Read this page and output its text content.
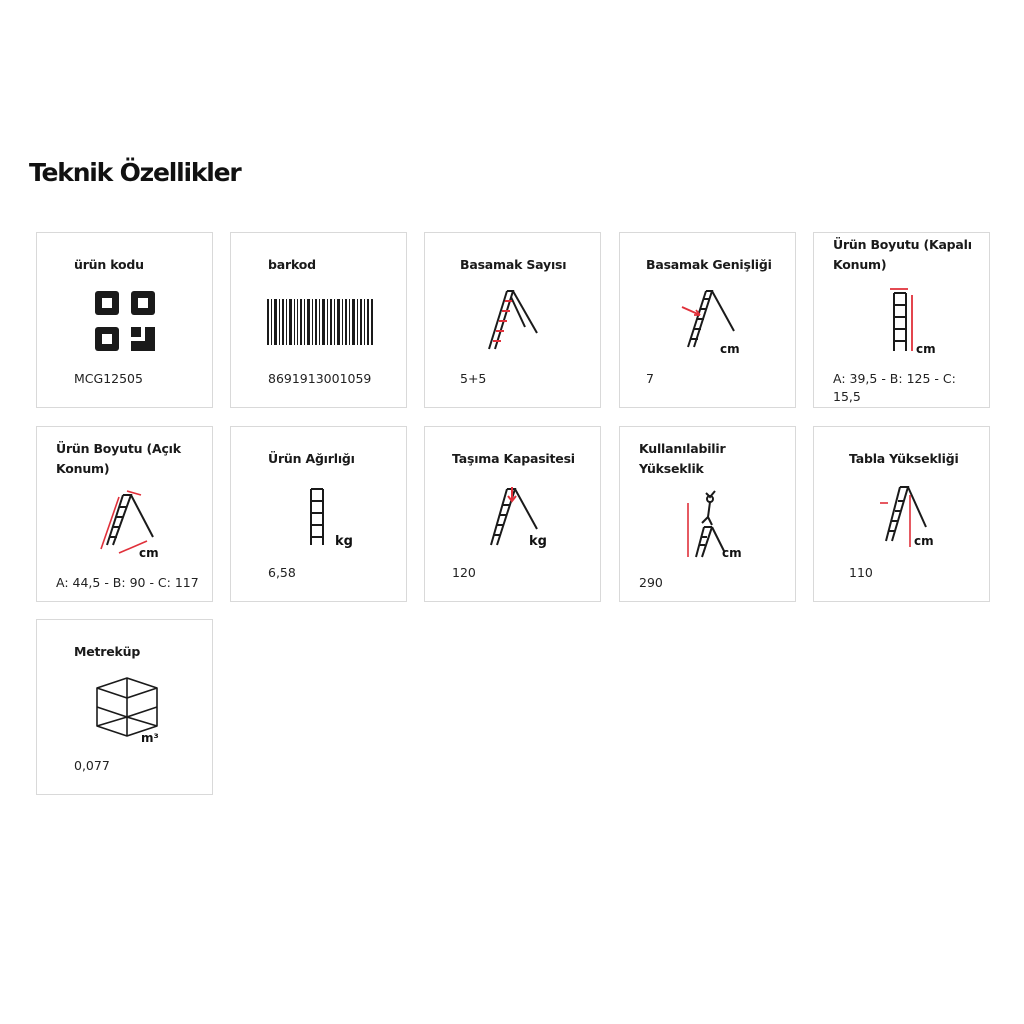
Teknik Özellikler
ürün kodu
MCG12505
barkod
8691913001059
Basamak Sayısı
5+5
Basamak Genişliği
cm
7
Ürün Boyutu (Kapalı Konum)
cm
A: 39,5 - B: 125 - C: 15,5
Ürün Boyutu (Açık Konum)
cm
A: 44,5 - B: 90 - C: 117
Ürün Ağırlığı
kg
6,58
Taşıma Kapasitesi
kg
120
Kullanılabilir Yükseklik
cm
290
Tabla Yüksekliği
cm
110
Metreküp
m³
0,077
